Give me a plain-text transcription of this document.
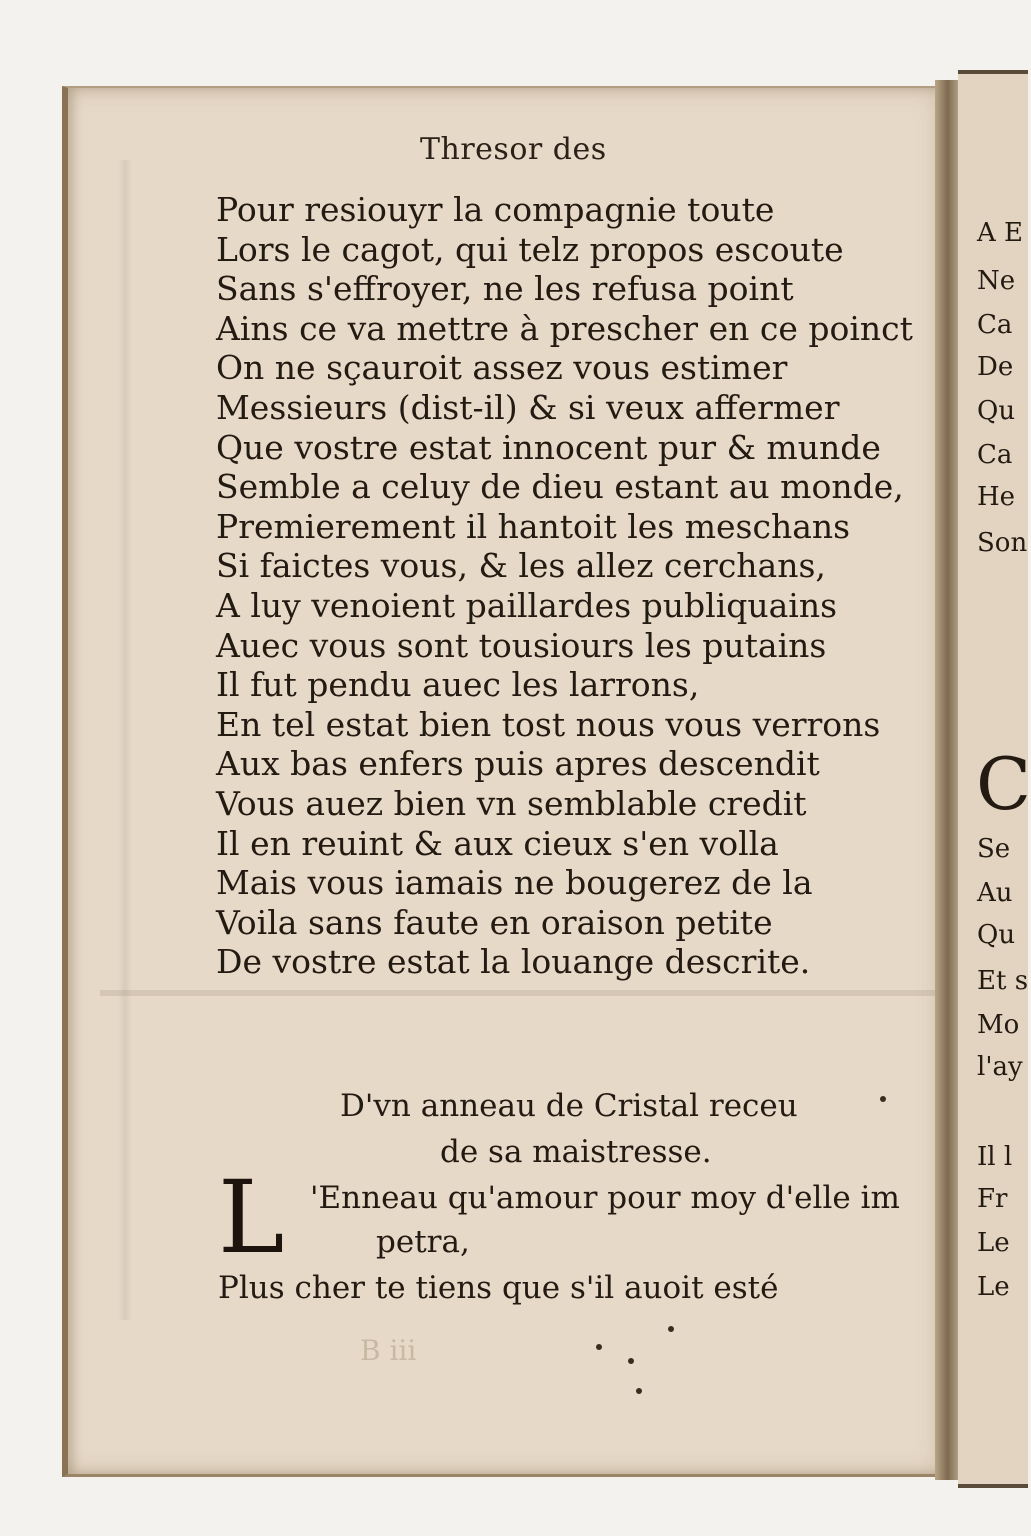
Thresor des
Pour resiouyr la compagnie toute
Lors le cagot, qui telz propos escoute
Sans s'effroyer, ne les refusa point
Ains ce va mettre à prescher en ce poinct
On ne sçauroit assez vous estimer
Messieurs (dist-il) & si veux affermer
Que vostre estat innocent pur & munde
Semble a celuy de dieu estant au monde,
Premierement il hantoit les meschans
Si faictes vous, & les allez cerchans,
A luy venoient paillardes publiquains
Auec vous sont tousiours les putains
Il fut pendu auec les larrons,
En tel estat bien tost nous vous verrons
Aux bas enfers puis apres descendit
Vous auez bien vn semblable credit
Il en reuint & aux cieux s'en volla
Mais vous iamais ne bougerez de la
Voila sans faute en oraison petite
De vostre estat la louange descrite.
D'vn anneau de Cristal receu
de sa maistresse.
L 'Enneau qu'amour pour moy d'elle im
petra,
Plus cher te tiens que s'il auoit esté
B iii
C
A E
Ne
Ca
De
Qu
Ca
He
Son
Se
Au
Qu
Et s
Mo
l'ay
Il l
Fr
Le
Le
